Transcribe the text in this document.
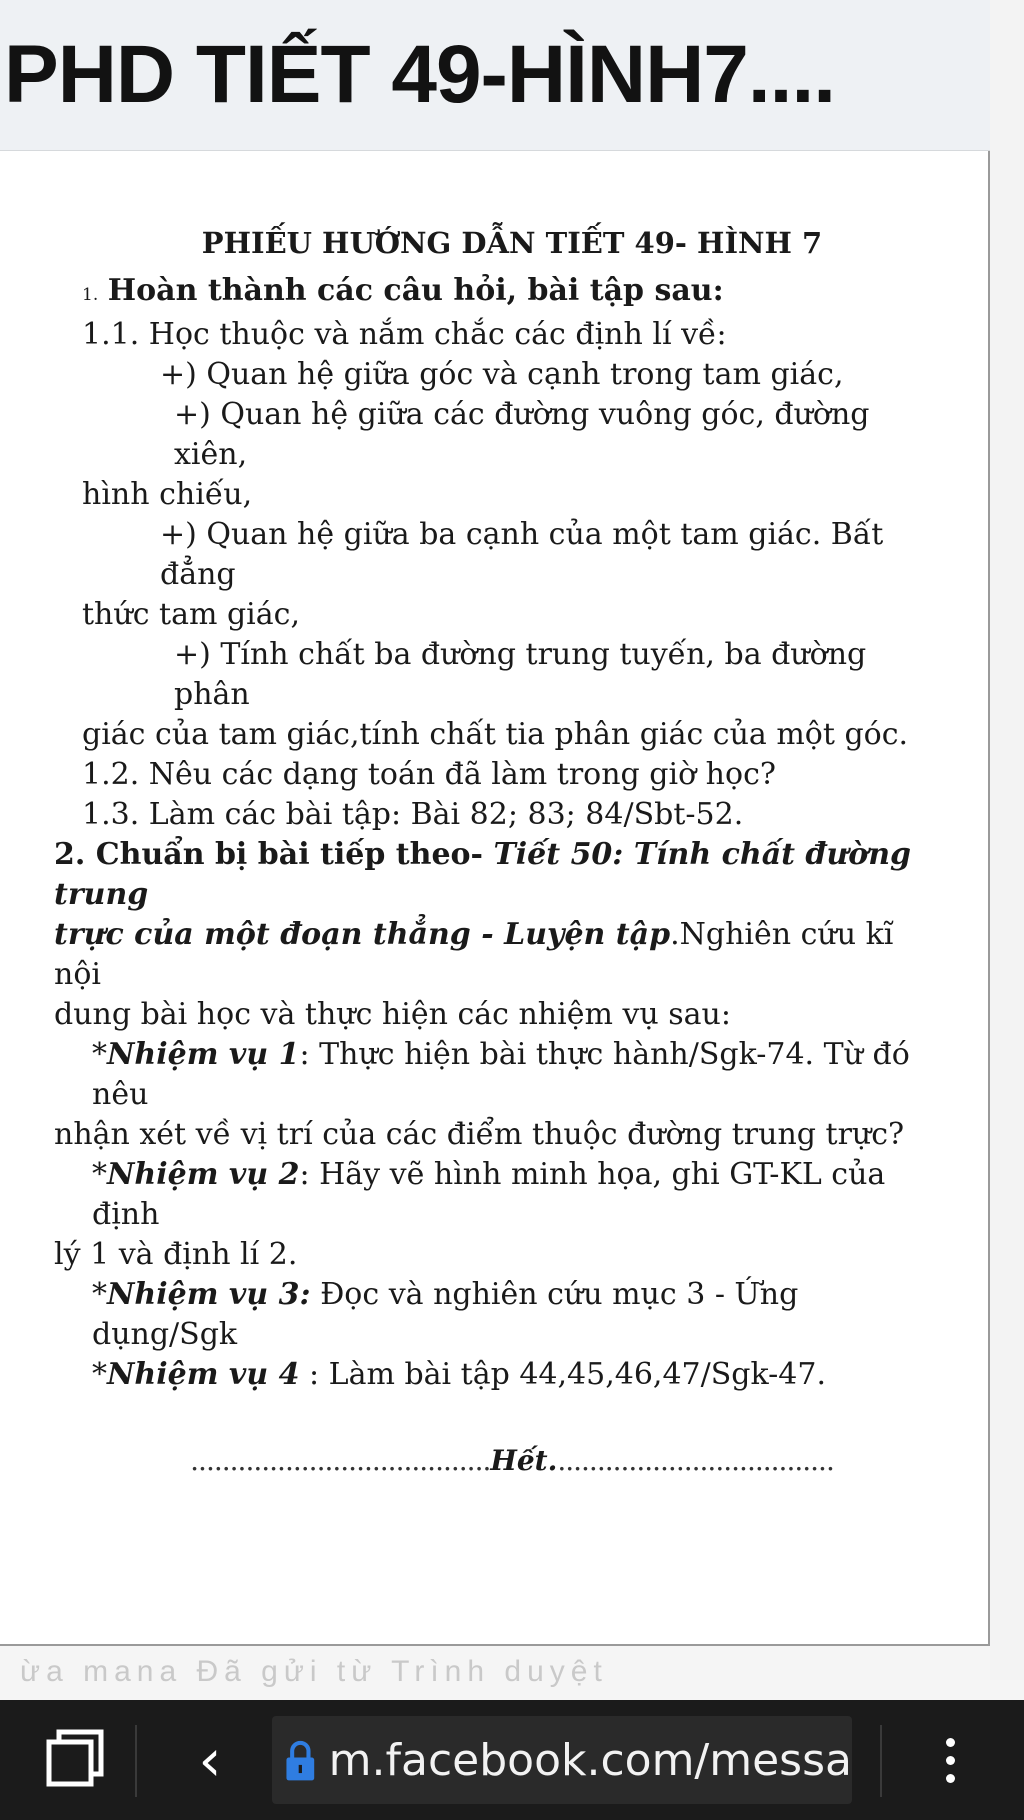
PHD TIẾT 49-HÌNH7....
PHIẾU HƯỚNG DẪN TIẾT 49- HÌNH 7

1. Hoàn thành các câu hỏi, bài tập sau:

1.1. Học thuộc và nắm chắc các định lí về:

+) Quan hệ giữa góc và cạnh trong tam giác,

+) Quan hệ giữa các đường vuông góc, đường xiên,

hình chiếu,

+) Quan hệ giữa ba cạnh của một tam giác. Bất đẳng

thức tam giác,

+) Tính chất ba đường trung tuyến, ba đường phân

giác của tam giác,tính chất tia phân giác của một góc.

1.2. Nêu các dạng toán đã làm trong giờ học?

1.3. Làm các bài tập: Bài 82; 83; 84/Sbt-52.

2. Chuẩn bị bài tiếp theo- Tiết 50: Tính chất đường trung

trực của một đoạn thẳng - Luyện tập.Nghiên cứu kĩ nội

dung bài học và thực hiện các nhiệm vụ sau:

*Nhiệm vụ 1: Thực hiện bài thực hành/Sgk-74. Từ đó nêu

nhận xét về vị trí của các điểm thuộc đường trung trực?

*Nhiệm vụ 2: Hãy vẽ hình minh họa, ghi GT-KL của định

lý 1 và định lí 2.

*Nhiệm vụ 3: Đọc và nghiên cứu mục 3 - Ứng dụng/Sgk

*Nhiệm vụ 4 : Làm bài tập 44,45,46,47/Sgk-47.

......................................Hết....................................
ừa mana Đã gửi từ Trình duyệt
‹	m.facebook.com/messa
